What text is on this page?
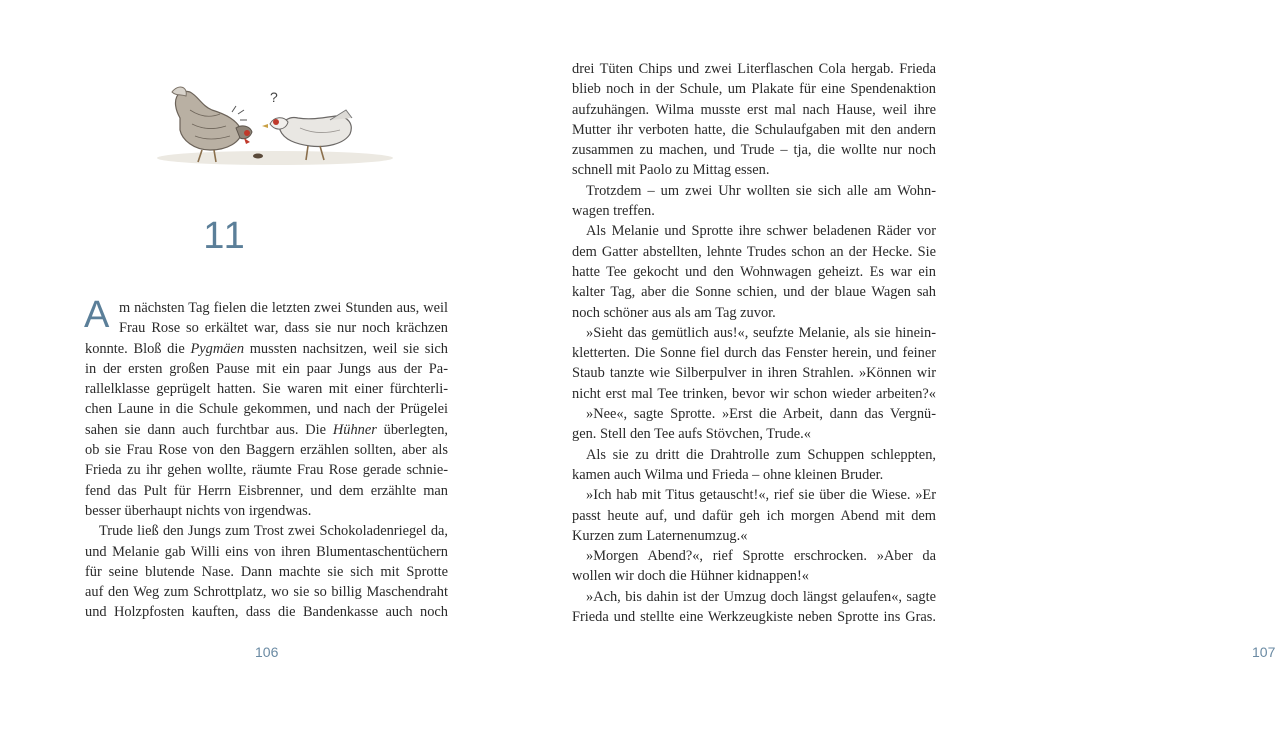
?
11
A m nächsten Tag fielen die letzten zwei Stunden aus, weil
Frau Rose so erkältet war, dass sie nur noch krächzen
konnte. Bloß die Pygmäen mussten nachsitzen, weil sie sich
in der ersten großen Pause mit ein paar Jungs aus der Pa-
rallelklasse geprügelt hatten. Sie waren mit einer fürchterli-
chen Laune in die Schule gekommen, und nach der Prügelei
sahen sie dann auch furchtbar aus. Die Hühner überlegten,
ob sie Frau Rose von den Baggern erzählen sollten, aber als
Frieda zu ihr gehen wollte, räumte Frau Rose gerade schnie-
fend das Pult für Herrn Eisbrenner, und dem erzählte man
besser überhaupt nichts von irgendwas.
Trude ließ den Jungs zum Trost zwei Schokoladenriegel da,
und Melanie gab Willi eins von ihren Blumentaschentüchern
für seine blutende Nase. Dann machte sie sich mit Sprotte
auf den Weg zum Schrottplatz, wo sie so billig Maschendraht
und Holzpfosten kauften, dass die Bandenkasse auch noch
106	107
drei Tüten Chips und zwei Literflaschen Cola hergab. Frieda
blieb noch in der Schule, um Plakate für eine Spendenaktion
aufzuhängen. Wilma musste erst mal nach Hause, weil ihre
Mutter ihr verboten hatte, die Schulaufgaben mit den andern
zusammen zu machen, und Trude – tja, die wollte nur noch
schnell mit Paolo zu Mittag essen.
Trotzdem – um zwei Uhr wollten sie sich alle am Wohn-
wagen treffen.
Als Melanie und Sprotte ihre schwer beladenen Räder vor
dem Gatter abstellten, lehnte Trudes schon an der Hecke. Sie
hatte Tee gekocht und den Wohnwagen geheizt. Es war ein
kalter Tag, aber die Sonne schien, und der blaue Wagen sah
noch schöner aus als am Tag zuvor.
»Sieht das gemütlich aus!«, seufzte Melanie, als sie hinein-
kletterten. Die Sonne fiel durch das Fenster herein, und feiner
Staub tanzte wie Silberpulver in ihren Strahlen. »Können wir
nicht erst mal Tee trinken, bevor wir schon wieder arbeiten?«
»Nee«, sagte Sprotte. »Erst die Arbeit, dann das Vergnü-
gen. Stell den Tee aufs Stövchen, Trude.«
Als sie zu dritt die Drahtrolle zum Schuppen schleppten,
kamen auch Wilma und Frieda – ohne kleinen Bruder.
»Ich hab mit Titus getauscht!«, rief sie über die Wiese. »Er
passt heute auf, und dafür geh ich morgen Abend mit dem
Kurzen zum Laternenumzug.«
»Morgen Abend?«, rief Sprotte erschrocken. »Aber da
wollen wir doch die Hühner kidnappen!«
»Ach, bis dahin ist der Umzug doch längst gelaufen«, sagte
Frieda und stellte eine Werkzeugkiste neben Sprotte ins Gras.
